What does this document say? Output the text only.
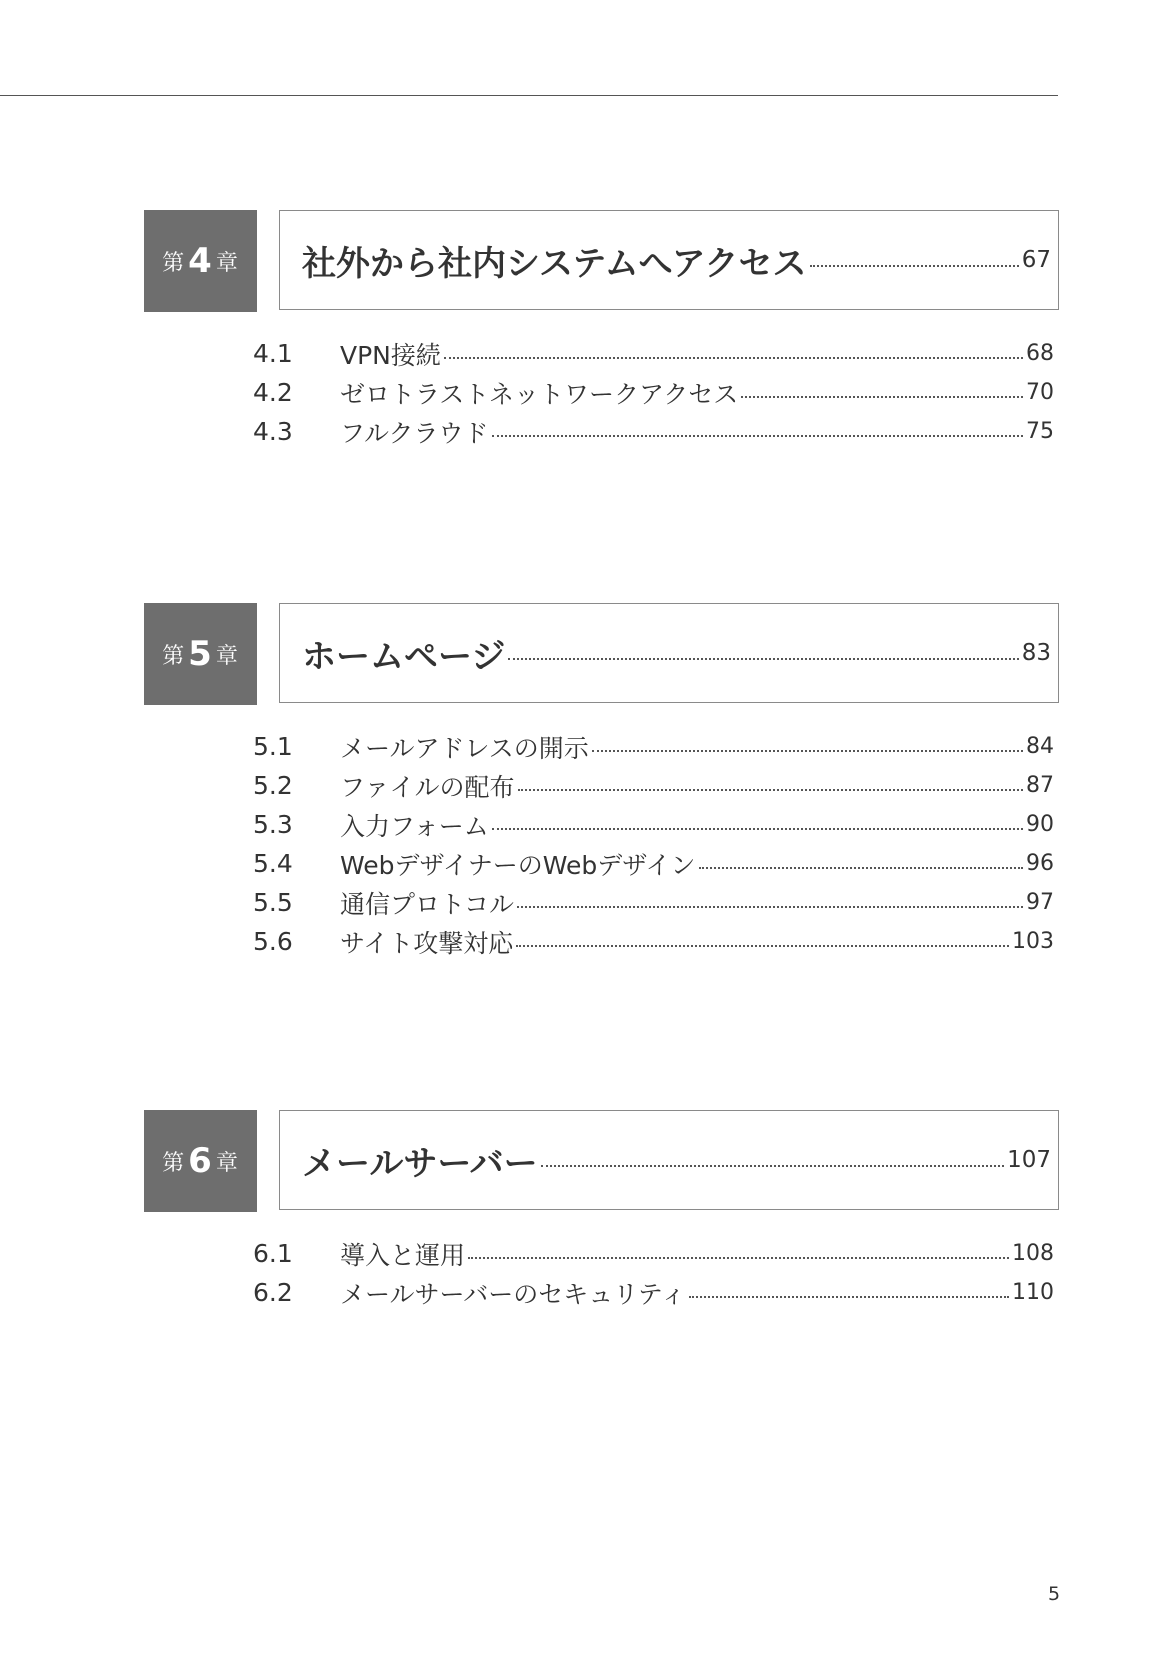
第 4 章 社外から社内システムへアクセス	67
4.1	VPN接続	68
4.2	ゼロトラストネットワークアクセス	70
4.3	フルクラウド	75
第 5 章 ホームページ	83
5.1	メールアドレスの開示	84
5.2	ファイルの配布	87
5.3	入力フォーム	90
5.4	WebデザイナーのWebデザイン	96
5.5	通信プロトコル	97
5.6	サイト攻撃対応	103
第 6 章 メールサーバー	107
6.1	導入と運用	108
6.2	メールサーバーのセキュリティ	110
5
